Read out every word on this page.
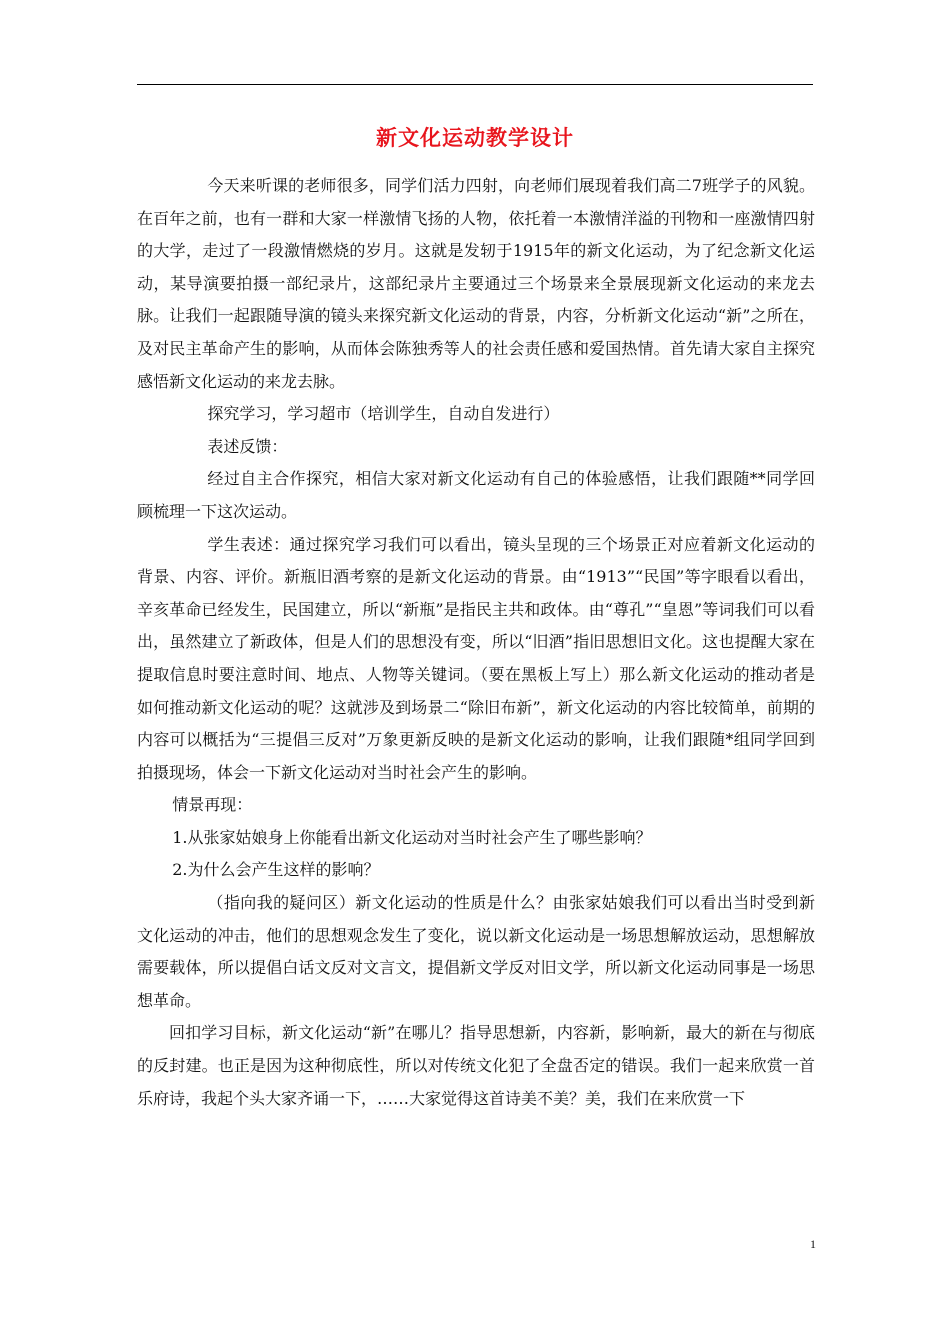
新文化运动教学设计

今天来听课的老师很多，同学们活力四射，向老师们展现着我们高二7班学子的风貌。在百年之前，也有一群和大家一样激情飞扬的人物，依托着一本激情洋溢的刊物和一座激情四射的大学，走过了一段激情燃烧的岁月。这就是发轫于1915年的新文化运动，为了纪念新文化运动，某导演要拍摄一部纪录片，这部纪录片主要通过三个场景来全景展现新文化运动的来龙去脉。让我们一起跟随导演的镜头来探究新文化运动的背景，内容，分析新文化运动“新”之所在，及对民主革命产生的影响，从而体会陈独秀等人的社会责任感和爱国热情。首先请大家自主探究感悟新文化运动的来龙去脉。

探究学习，学习超市（培训学生，自动自发进行）

表述反馈：

经过自主合作探究，相信大家对新文化运动有自己的体验感悟，让我们跟随**同学回顾梳理一下这次运动。

学生表述：通过探究学习我们可以看出，镜头呈现的三个场景正对应着新文化运动的背景、内容、评价。新瓶旧酒考察的是新文化运动的背景。由“1913”“民国”等字眼看以看出，辛亥革命已经发生，民国建立，所以“新瓶”是指民主共和政体。由“尊孔”“皇恩”等词我们可以看出，虽然建立了新政体，但是人们的思想没有变，所以“旧酒”指旧思想旧文化。这也提醒大家在提取信息时要注意时间、地点、人物等关键词。（要在黑板上写上）那么新文化运动的推动者是如何推动新文化运动的呢？这就涉及到场景二“除旧布新”，新文化运动的内容比较简单，前期的内容可以概括为“三提倡三反对”万象更新反映的是新文化运动的影响，让我们跟随*组同学回到拍摄现场，体会一下新文化运动对当时社会产生的影响。

情景再现：

1.从张家姑娘身上你能看出新文化运动对当时社会产生了哪些影响？

2.为什么会产生这样的影响？

（指向我的疑问区）新文化运动的性质是什么？由张家姑娘我们可以看出当时受到新文化运动的冲击，他们的思想观念发生了变化，说以新文化运动是一场思想解放运动，思想解放需要载体，所以提倡白话文反对文言文，提倡新文学反对旧文学，所以新文化运动同事是一场思想革命。

回扣学习目标，新文化运动“新”在哪儿？指导思想新，内容新，影响新，最大的新在与彻底的反封建。也正是因为这种彻底性，所以对传统文化犯了全盘否定的错误。我们一起来欣赏一首乐府诗，我起个头大家齐诵一下，……大家觉得这首诗美不美？美，我们在来欣赏一下

1
